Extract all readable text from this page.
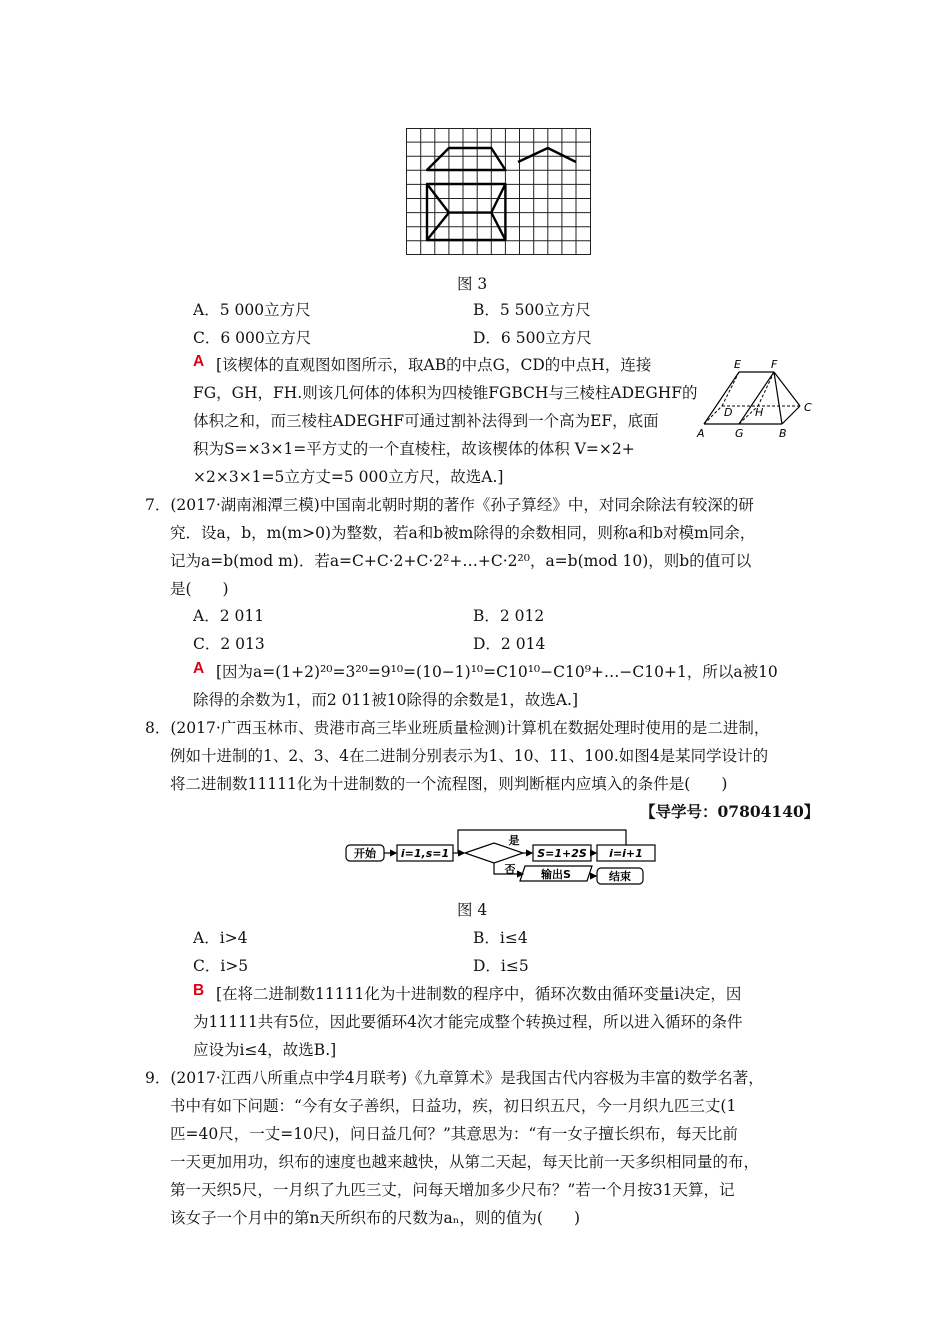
图 3
A．5 000立方尺	B．5 500立方尺
C．6 000立方尺	D．6 500立方尺
A [该楔体的直观图如图所示，取AB的中点G，CD的中点H，连接
FG，GH，FH.则该几何体的体积为四棱锥FGBCH与三棱柱ADEGHF的
体积之和，而三棱柱ADEGHF可通过割补法得到一个高为EF，底面
积为S=×3×1=平方丈的一个直棱柱，故该楔体的体积 V=×2+
×2×3×1=5立方丈=5 000立方尺，故选A.]
E	F
C
D H
A	G	B
7．(2017·湖南湘潭三模)中国南北朝时期的著作《孙子算经》中，对同余除法有较深的研
究．设a，b，m(m>0)为整数，若a和b被m除得的余数相同，则称a和b对模m同余，
记为a=b(mod m)．若a=C+C·2+C·2²+…+C·2²⁰，a=b(mod 10)，则b的值可以
是(　　)
A．2 011	B．2 012
C．2 013	D．2 014
A [因为a=(1+2)²⁰=3²⁰=9¹⁰=(10−1)¹⁰=C10¹⁰−C10⁹+…−C10+1，所以a被10
除得的余数为1，而2 011被10除得的余数是1，故选A.]
8．(2017·广西玉林市、贵港市高三毕业班质量检测)计算机在数据处理时使用的是二进制，
例如十进制的1、2、3、4在二进制分别表示为1、10、11、100.如图4是某同学设计的
将二进制数11111化为十进制数的一个流程图，则判断框内应填入的条件是(　　)
【导学号：07804140】
开始 i=1,s=1
是
否
S=1+2S i=i+1
输出S	结束
图 4
A．i>4	B．i≤4
C．i>5	D．i≤5
B [在将二进制数11111化为十进制数的程序中，循环次数由循环变量i决定，因
为11111共有5位，因此要循环4次才能完成整个转换过程，所以进入循环的条件
应设为i≤4，故选B.]
9．(2017·江西八所重点中学4月联考)《九章算术》是我国古代内容极为丰富的数学名著，
书中有如下问题：“今有女子善织，日益功，疾，初日织五尺，今一月织九匹三丈(1
匹=40尺，一丈=10尺)，问日益几何？”其意思为：“有一女子擅长织布，每天比前
一天更加用功，织布的速度也越来越快，从第二天起，每天比前一天多织相同量的布，
第一天织5尺，一月织了九匹三丈，问每天增加多少尺布？”若一个月按31天算，记
该女子一个月中的第n天所织布的尺数为aₙ，则的值为(　　)
